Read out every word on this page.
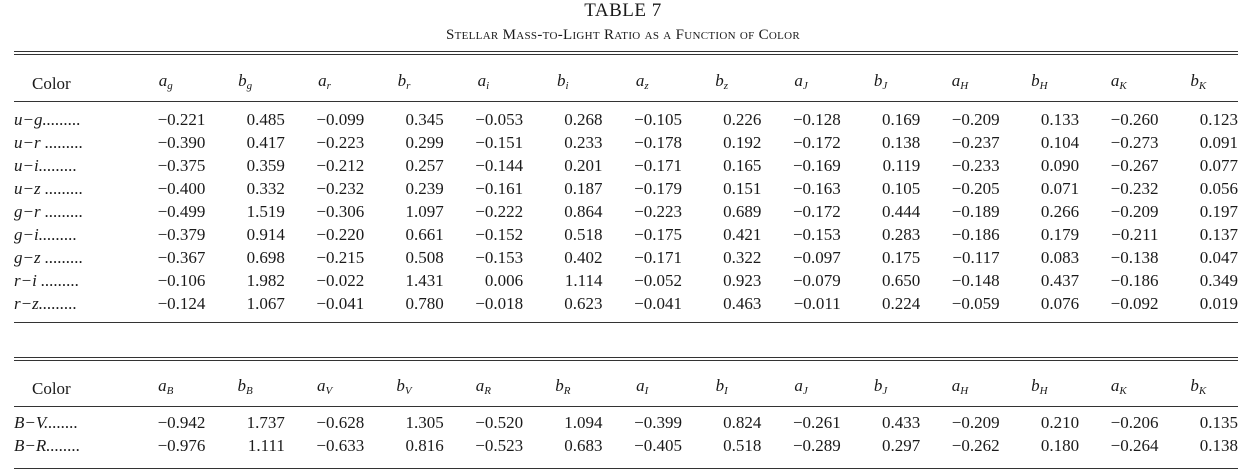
TABLE 7
Stellar Mass-to-Light Ratio as a Function of Color
Color	$a_g$	$b_g$	$a_r$	$b_r$	$a_i$	$b_i$	$a_z$	$b_z$	$a_J$	$b_J$	$a_H$	$b_H$	$a_K$	$b_K$
u−g.........	−0.221	0.485	−0.099	0.345	−0.053	0.268	−0.105	0.226	−0.128	0.169	−0.209	0.133	−0.260	0.123
u−r .........	−0.390	0.417	−0.223	0.299	−0.151	0.233	−0.178	0.192	−0.172	0.138	−0.237	0.104	−0.273	0.091
u−i.........	−0.375	0.359	−0.212	0.257	−0.144	0.201	−0.171	0.165	−0.169	0.119	−0.233	0.090	−0.267	0.077
u−z .........	−0.400	0.332	−0.232	0.239	−0.161	0.187	−0.179	0.151	−0.163	0.105	−0.205	0.071	−0.232	0.056
g−r .........	−0.499	1.519	−0.306	1.097	−0.222	0.864	−0.223	0.689	−0.172	0.444	−0.189	0.266	−0.209	0.197
g−i.........	−0.379	0.914	−0.220	0.661	−0.152	0.518	−0.175	0.421	−0.153	0.283	−0.186	0.179	−0.211	0.137
g−z .........	−0.367	0.698	−0.215	0.508	−0.153	0.402	−0.171	0.322	−0.097	0.175	−0.117	0.083	−0.138	0.047
r−i .........	−0.106	1.982	−0.022	1.431	0.006	1.114	−0.052	0.923	−0.079	0.650	−0.148	0.437	−0.186	0.349
r−z.........	−0.124	1.067	−0.041	0.780	−0.018	0.623	−0.041	0.463	−0.011	0.224	−0.059	0.076	−0.092	0.019
Color	$a_B$	$b_B$	$a_V$	$b_V$	$a_R$	$b_R$	$a_I$	$b_I$	$a_J$	$b_J$	$a_H$	$b_H$	$a_K$	$b_K$
B−V........	−0.942	1.737	−0.628	1.305	−0.520	1.094	−0.399	0.824	−0.261	0.433	−0.209	0.210	−0.206	0.135
B−R........	−0.976	1.111	−0.633	0.816	−0.523	0.683	−0.405	0.518	−0.289	0.297	−0.262	0.180	−0.264	0.138
